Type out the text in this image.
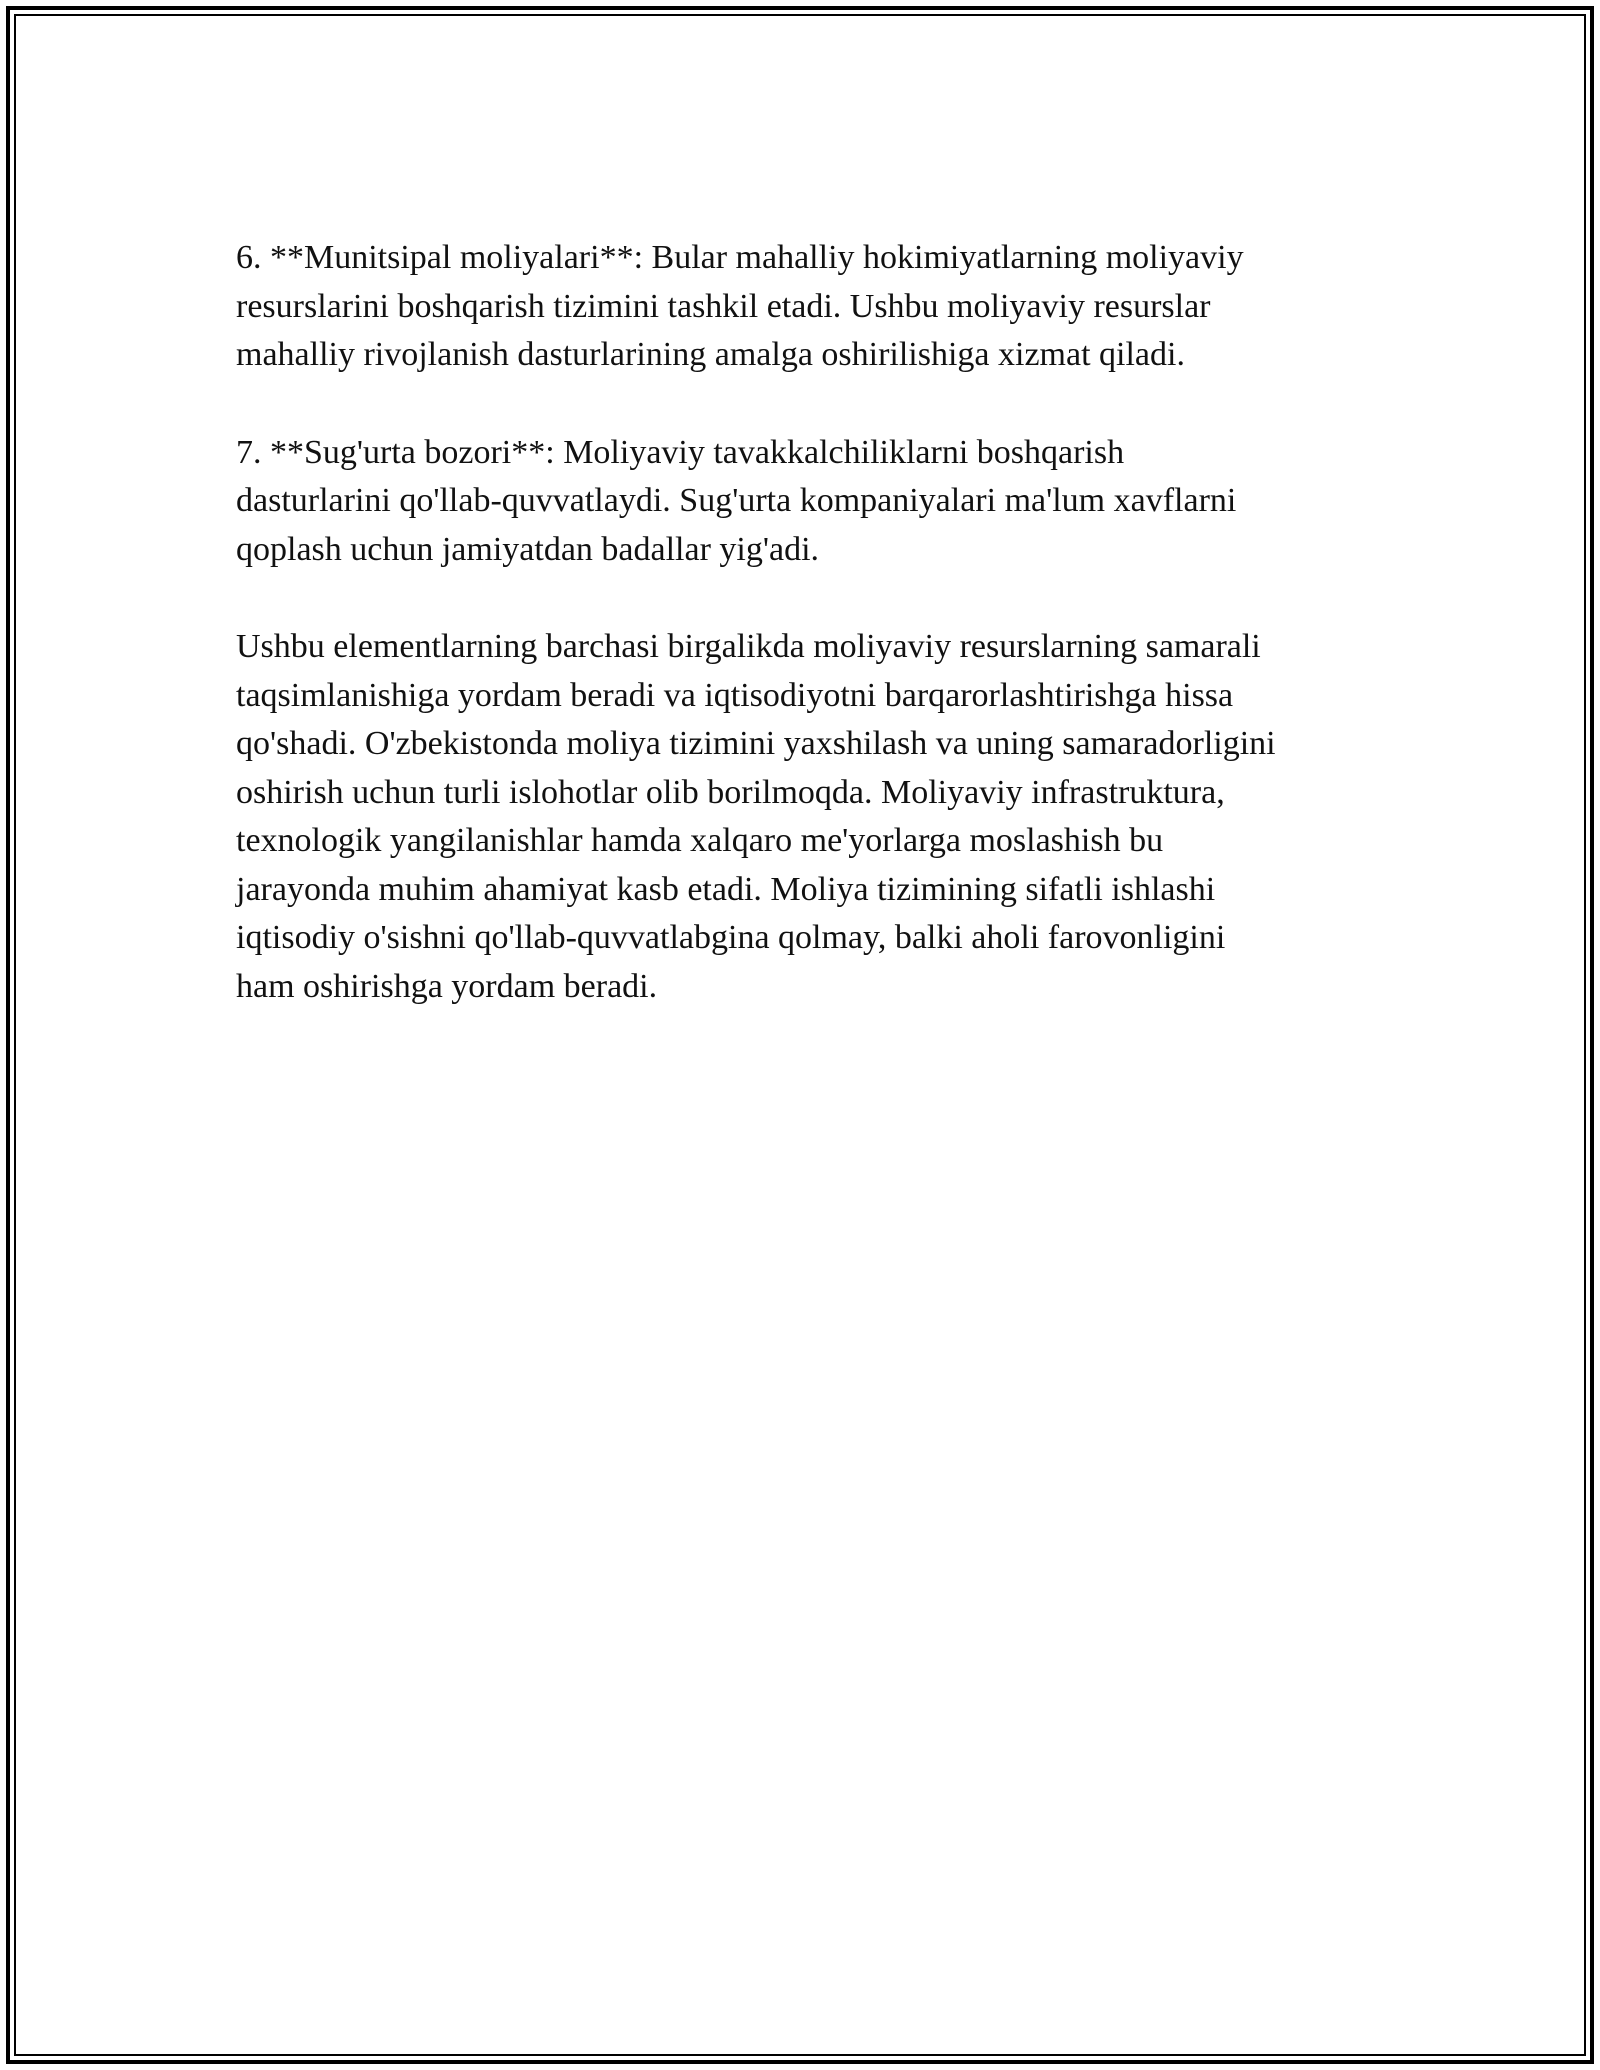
6. **Munitsipal moliyalari**: Bular mahalliy hokimiyatlarning moliyaviy
resurslarini boshqarish tizimini tashkil etadi. Ushbu moliyaviy resurslar
mahalliy rivojlanish dasturlarining amalga oshirilishiga xizmat qiladi.

7. **Sug'urta bozori**: Moliyaviy tavakkalchiliklarni boshqarish
dasturlarini qo'llab-quvvatlaydi. Sug'urta kompaniyalari ma'lum xavflarni
qoplash uchun jamiyatdan badallar yig'adi.

Ushbu elementlarning barchasi birgalikda moliyaviy resurslarning samarali
taqsimlanishiga yordam beradi va iqtisodiyotni barqarorlashtirishga hissa
qo'shadi. O'zbekistonda moliya tizimini yaxshilash va uning samaradorligini
oshirish uchun turli islohotlar olib borilmoqda. Moliyaviy infrastruktura,
texnologik yangilanishlar hamda xalqaro me'yorlarga moslashish bu
jarayonda muhim ahamiyat kasb etadi. Moliya tizimining sifatli ishlashi
iqtisodiy o'sishni qo'llab-quvvatlabgina qolmay, balki aholi farovonligini
ham oshirishga yordam beradi.
